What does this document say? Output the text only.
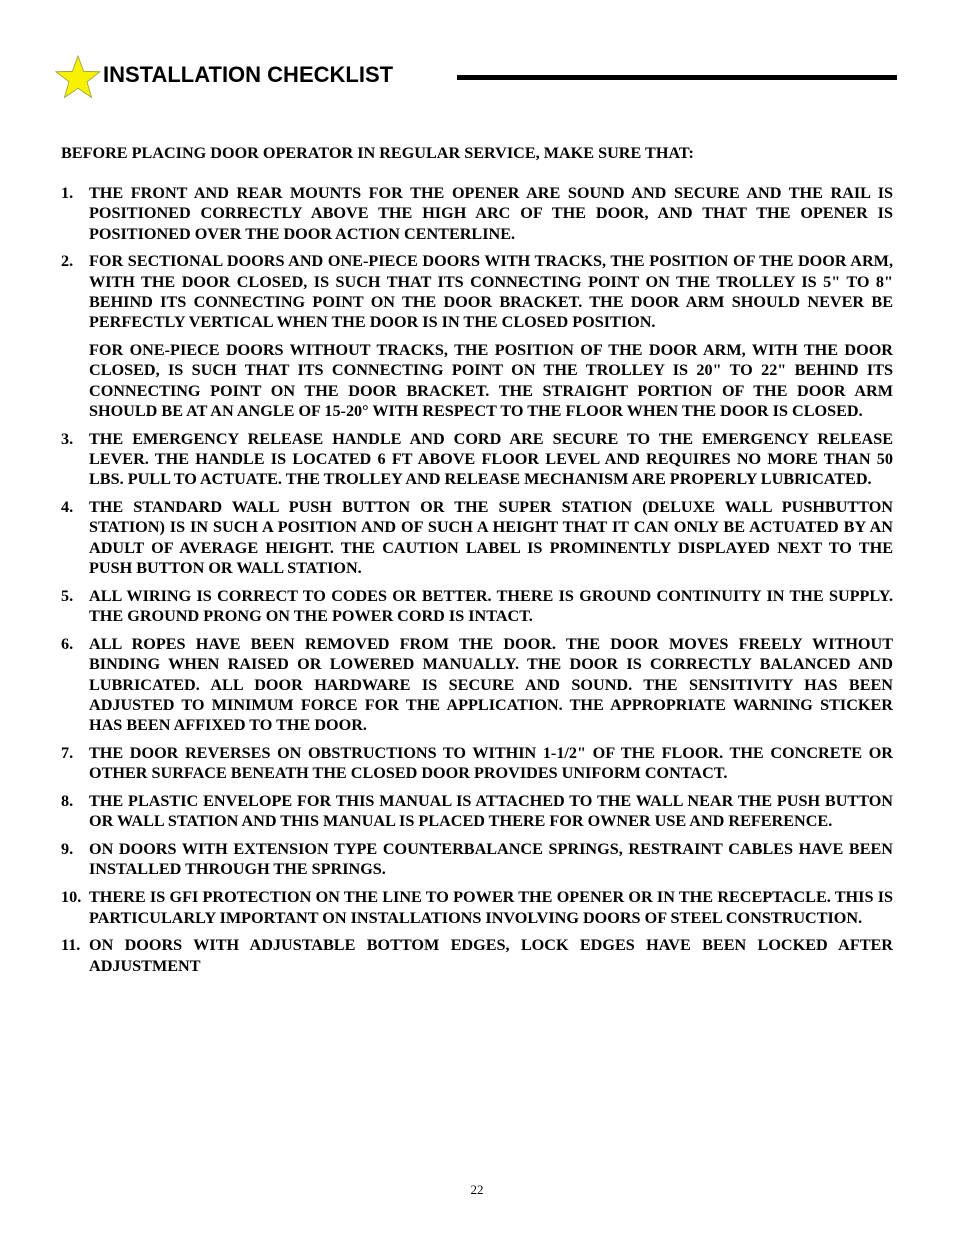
INSTALLATION CHECKLIST
BEFORE PLACING DOOR OPERATOR IN REGULAR SERVICE, MAKE SURE THAT:
1. THE FRONT AND REAR MOUNTS FOR THE OPENER ARE SOUND AND SECURE AND THE RAIL IS POSITIONED CORRECTLY ABOVE THE HIGH ARC OF THE DOOR, AND THAT THE OPENER IS POSITIONED OVER THE DOOR ACTION CENTERLINE.
2. FOR SECTIONAL DOORS AND ONE-PIECE DOORS WITH TRACKS, THE POSITION OF THE DOOR ARM, WITH THE DOOR CLOSED, IS SUCH THAT ITS CONNECTING POINT ON THE TROLLEY IS 5" TO 8" BEHIND ITS CONNECTING POINT ON THE DOOR BRACKET. THE DOOR ARM SHOULD NEVER BE PERFECTLY VERTICAL WHEN THE DOOR IS IN THE CLOSED POSITION.
FOR ONE-PIECE DOORS WITHOUT TRACKS, THE POSITION OF THE DOOR ARM, WITH THE DOOR CLOSED, IS SUCH THAT ITS CONNECTING POINT ON THE TROLLEY IS 20" TO 22" BEHIND ITS CONNECTING POINT ON THE DOOR BRACKET. THE STRAIGHT PORTION OF THE DOOR ARM SHOULD BE AT AN ANGLE OF 15-20° WITH RESPECT TO THE FLOOR WHEN THE DOOR IS CLOSED.
3. THE EMERGENCY RELEASE HANDLE AND CORD ARE SECURE TO THE EMERGENCY RELEASE LEVER. THE HANDLE IS LOCATED 6 FT ABOVE FLOOR LEVEL AND REQUIRES NO MORE THAN 50 LBS. PULL TO ACTUATE. THE TROLLEY AND RELEASE MECHANISM ARE PROPERLY LUBRICATED.
4. THE STANDARD WALL PUSH BUTTON OR THE SUPER STATION (DELUXE WALL PUSHBUTTON STATION) IS IN SUCH A POSITION AND OF SUCH A HEIGHT THAT IT CAN ONLY BE ACTUATED BY AN ADULT OF AVERAGE HEIGHT. THE CAUTION LABEL IS PROMINENTLY DISPLAYED NEXT TO THE PUSH BUTTON OR WALL STATION.
5. ALL WIRING IS CORRECT TO CODES OR BETTER. THERE IS GROUND CONTINUITY IN THE SUPPLY. THE GROUND PRONG ON THE POWER CORD IS INTACT.
6. ALL ROPES HAVE BEEN REMOVED FROM THE DOOR. THE DOOR MOVES FREELY WITHOUT BINDING WHEN RAISED OR LOWERED MANUALLY. THE DOOR IS CORRECTLY BALANCED AND LUBRICATED. ALL DOOR HARDWARE IS SECURE AND SOUND. THE SENSITIVITY HAS BEEN ADJUSTED TO MINIMUM FORCE FOR THE APPLICATION. THE APPROPRIATE WARNING STICKER HAS BEEN AFFIXED TO THE DOOR.
7. THE DOOR REVERSES ON OBSTRUCTIONS TO WITHIN 1-1/2" OF THE FLOOR. THE CONCRETE OR OTHER SURFACE BENEATH THE CLOSED DOOR PROVIDES UNIFORM CONTACT.
8. THE PLASTIC ENVELOPE FOR THIS MANUAL IS ATTACHED TO THE WALL NEAR THE PUSH BUTTON OR WALL STATION AND THIS MANUAL IS PLACED THERE FOR OWNER USE AND REFERENCE.
9. ON DOORS WITH EXTENSION TYPE COUNTERBALANCE SPRINGS, RESTRAINT CABLES HAVE BEEN INSTALLED THROUGH THE SPRINGS.
10. THERE IS GFI PROTECTION ON THE LINE TO POWER THE OPENER OR IN THE RECEPTACLE. THIS IS PARTICULARLY IMPORTANT ON INSTALLATIONS INVOLVING DOORS OF STEEL CONSTRUCTION.
11. ON DOORS WITH ADJUSTABLE BOTTOM EDGES, LOCK EDGES HAVE BEEN LOCKED AFTER ADJUSTMENT
22
